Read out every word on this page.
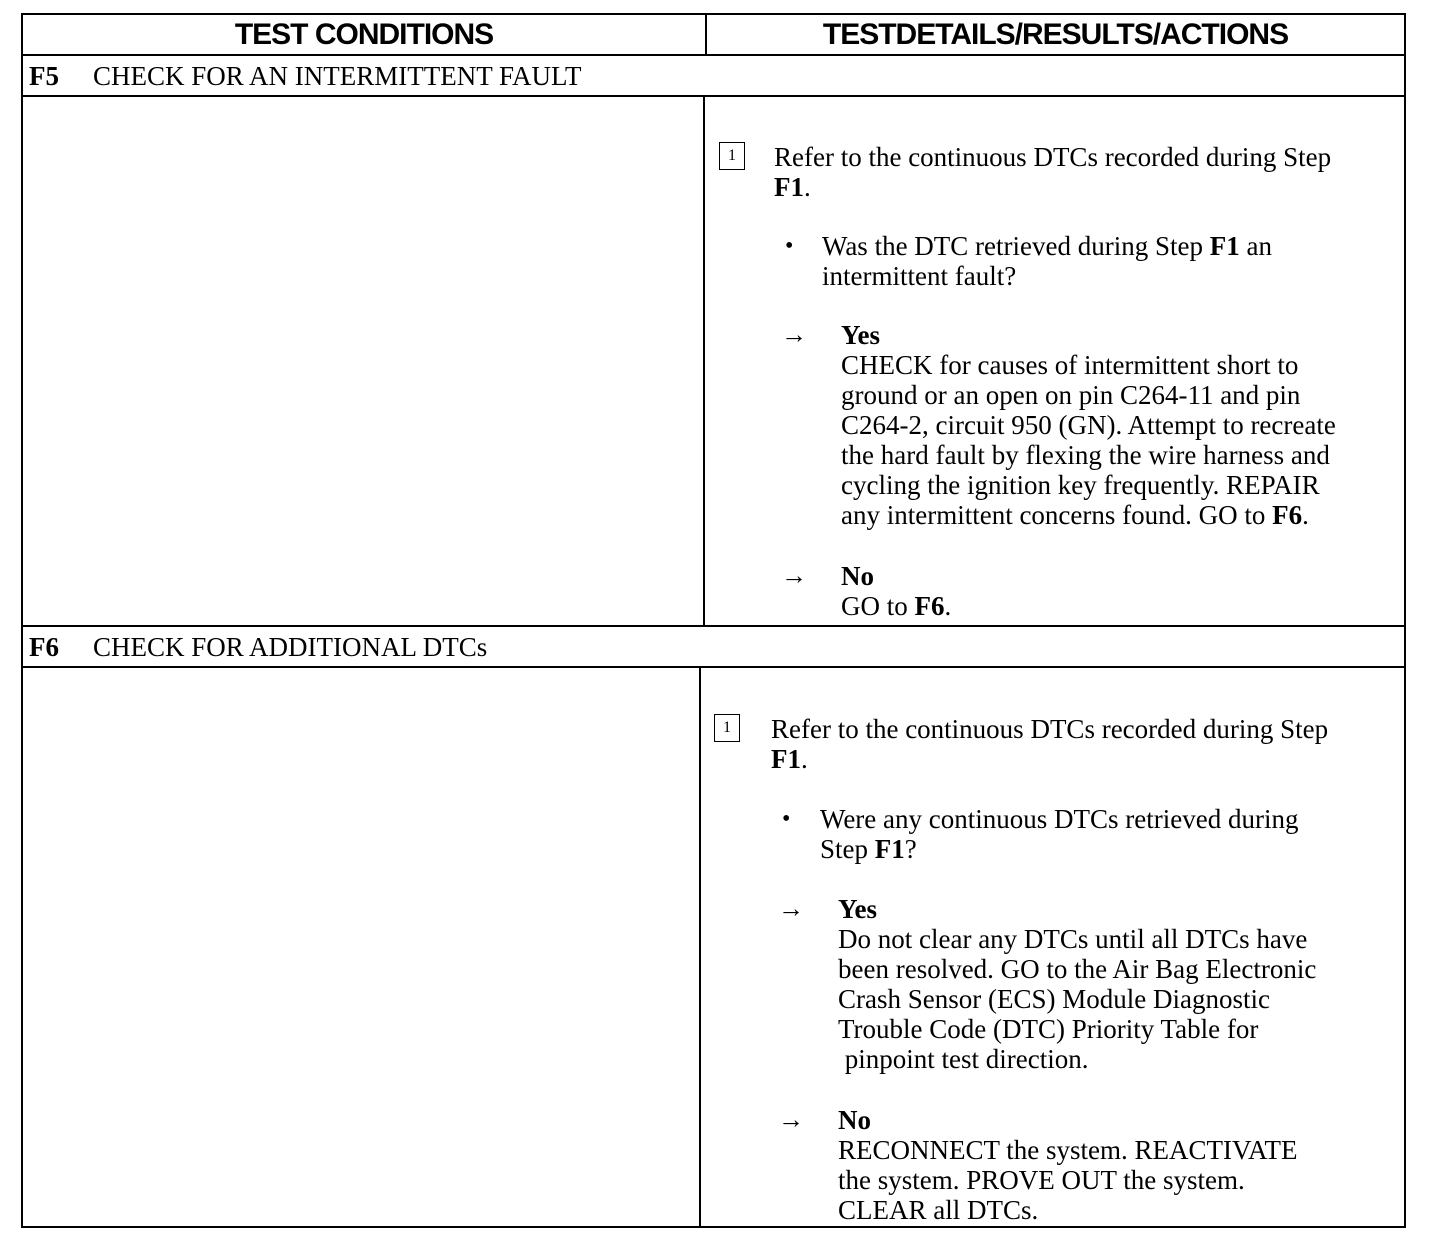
TEST CONDITIONS	TESTDETAILS/RESULTS/ACTIONS
F5 CHECK FOR AN INTERMITTENT FAULT
1	Refer to the continuous DTCs recorded during Step
F1.
• Was the DTC retrieved during Step F1 an
intermittent fault?
→ Yes
CHECK for causes of intermittent short to
ground or an open on pin C264-11 and pin
C264-2, circuit 950 (GN). Attempt to recreate
the hard fault by flexing the wire harness and
cycling the ignition key frequently. REPAIR
any intermittent concerns found. GO to F6.
→ No
GO to F6.
F6 CHECK FOR ADDITIONAL DTCs
1	Refer to the continuous DTCs recorded during Step
F1.
• Were any continuous DTCs retrieved during
Step F1?
→ Yes
Do not clear any DTCs until all DTCs have
been resolved. GO to the Air Bag Electronic
Crash Sensor (ECS) Module Diagnostic
Trouble Code (DTC) Priority Table for
pinpoint test direction.
→ No
RECONNECT the system. REACTIVATE
the system. PROVE OUT the system.
CLEAR all DTCs.
